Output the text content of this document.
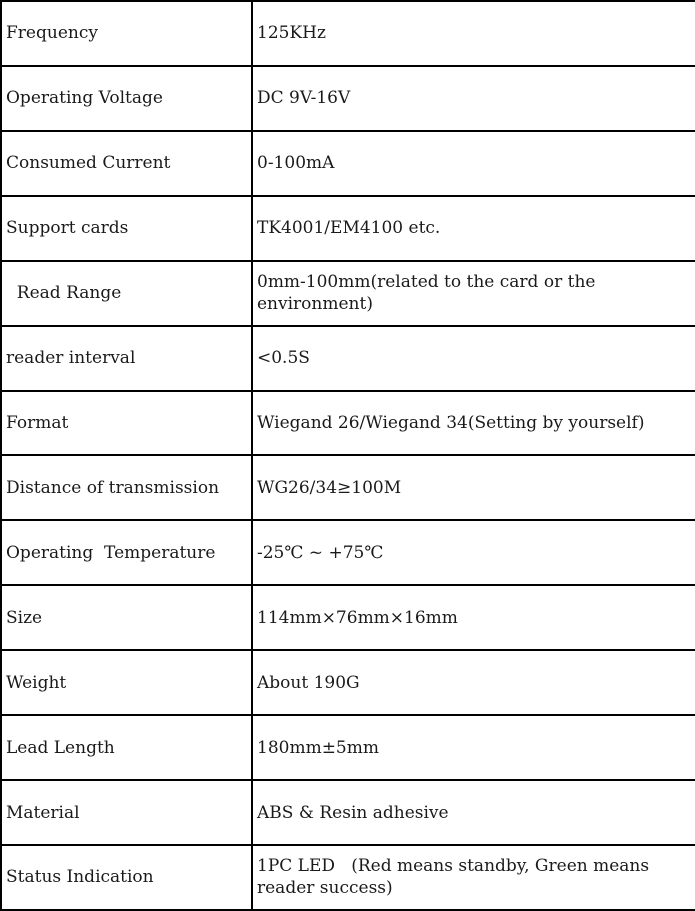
Frequency	125KHz
Operating Voltage	DC 9V-16V
Consumed Current	0-100mA
Support cards	TK4001/EM4100 etc.
Read Range	0mm-100mm(related to the card or the environment)
reader interval	<0.5S
Format	Wiegand 26/Wiegand 34(Setting by yourself)
Distance of transmission	WG26/34≥100M
Operating  Temperature	-25℃ ~ +75℃
Size	114mm×76mm×16mm
Weight	About 190G
Lead Length	180mm±5mm
Material	ABS & Resin adhesive
Status Indication	1PC LED   (Red means standby, Green means reader success)
